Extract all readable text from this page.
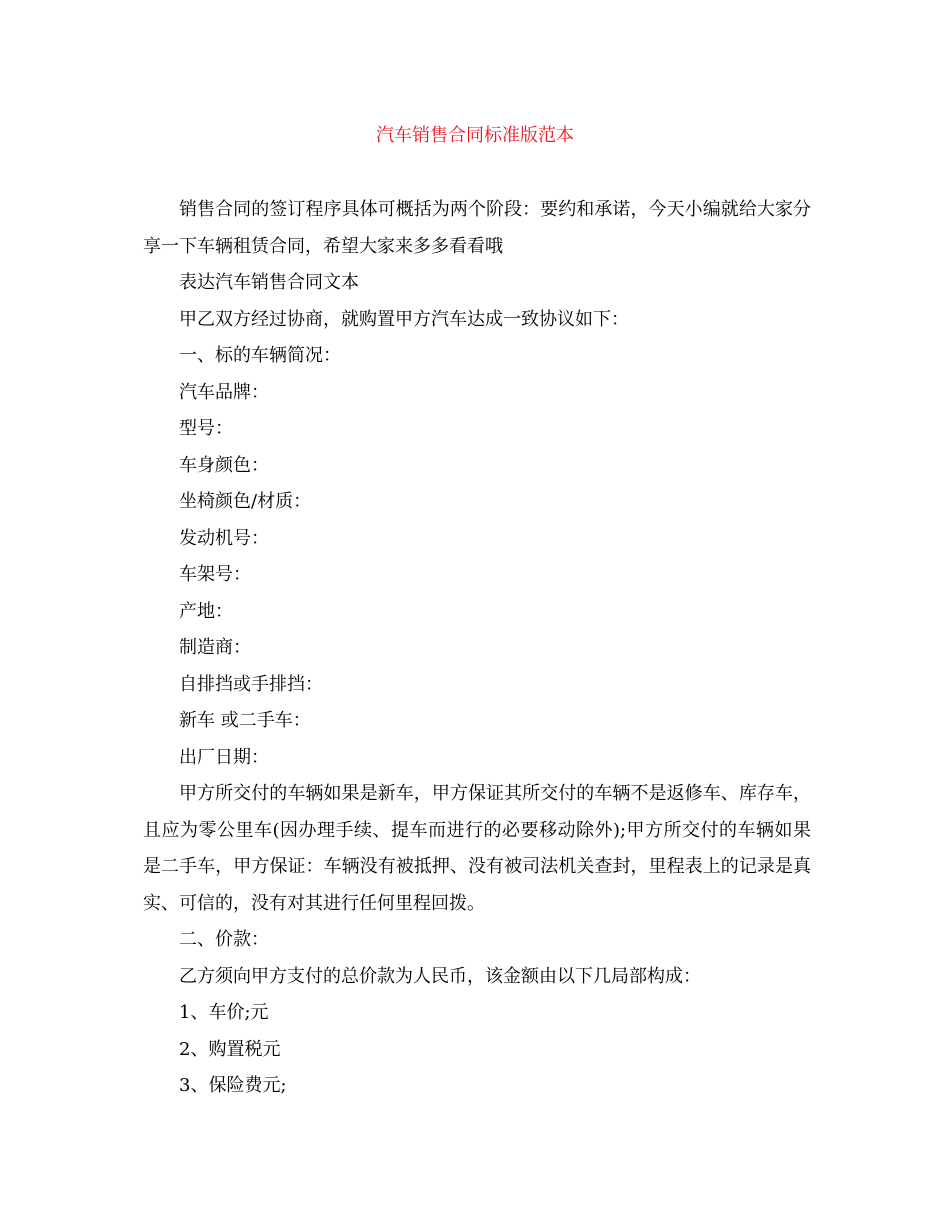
汽车销售合同标准版范本

销售合同的签订程序具体可概括为两个阶段：要约和承诺，今天小编就给大家分享一下车辆租赁合同，希望大家来多多看看哦

表达汽车销售合同文本

甲乙双方经过协商，就购置甲方汽车达成一致协议如下：

一、标的车辆简况：

汽车品牌：

型号：

车身颜色：

坐椅颜色/材质：

发动机号：

车架号：

产地：

制造商：

自排挡或手排挡：

新车 或二手车：

出厂日期：

甲方所交付的车辆如果是新车，甲方保证其所交付的车辆不是返修车、库存车，且应为零公里车(因办理手续、提车而进行的必要移动除外);甲方所交付的车辆如果是二手车，甲方保证：车辆没有被抵押、没有被司法机关查封，里程表上的记录是真实、可信的，没有对其进行任何里程回拨。

二、价款：

乙方须向甲方支付的总价款为人民币，该金额由以下几局部构成：

1、车价;元

2、购置税元

3、保险费元;
